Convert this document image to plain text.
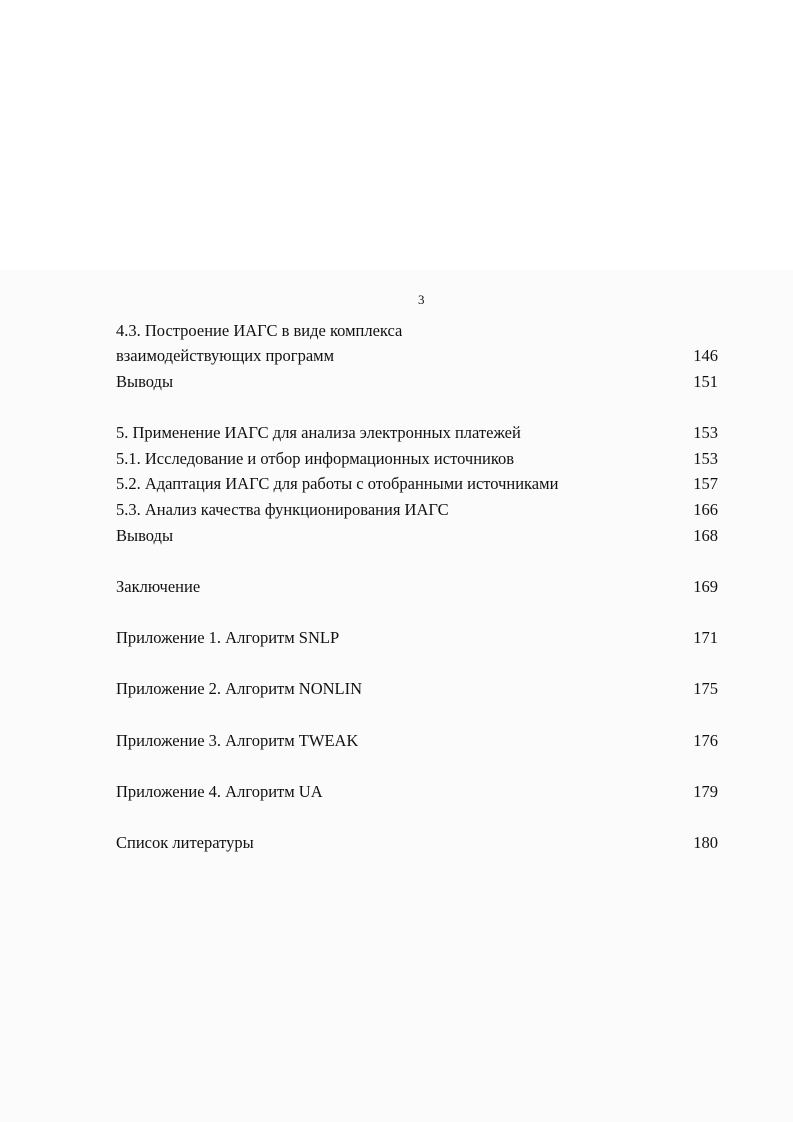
3
4.3. Построение ИАГС в виде комплекса
взаимодействующих программ	146
Выводы	151
5. Применение ИАГС для анализа электронных платежей	153
5.1. Исследование и отбор информационных источников	153
5.2. Адаптация ИАГС для работы с отобранными источниками	157
5.3. Анализ качества функционирования ИАГС	166
Выводы	168
Заключение	169
Приложение 1. Алгоритм SNLP	171
Приложение 2. Алгоритм NONLIN	175
Приложение 3. Алгоритм TWEAK	176
Приложение 4. Алгоритм UA	179
Список литературы	180
